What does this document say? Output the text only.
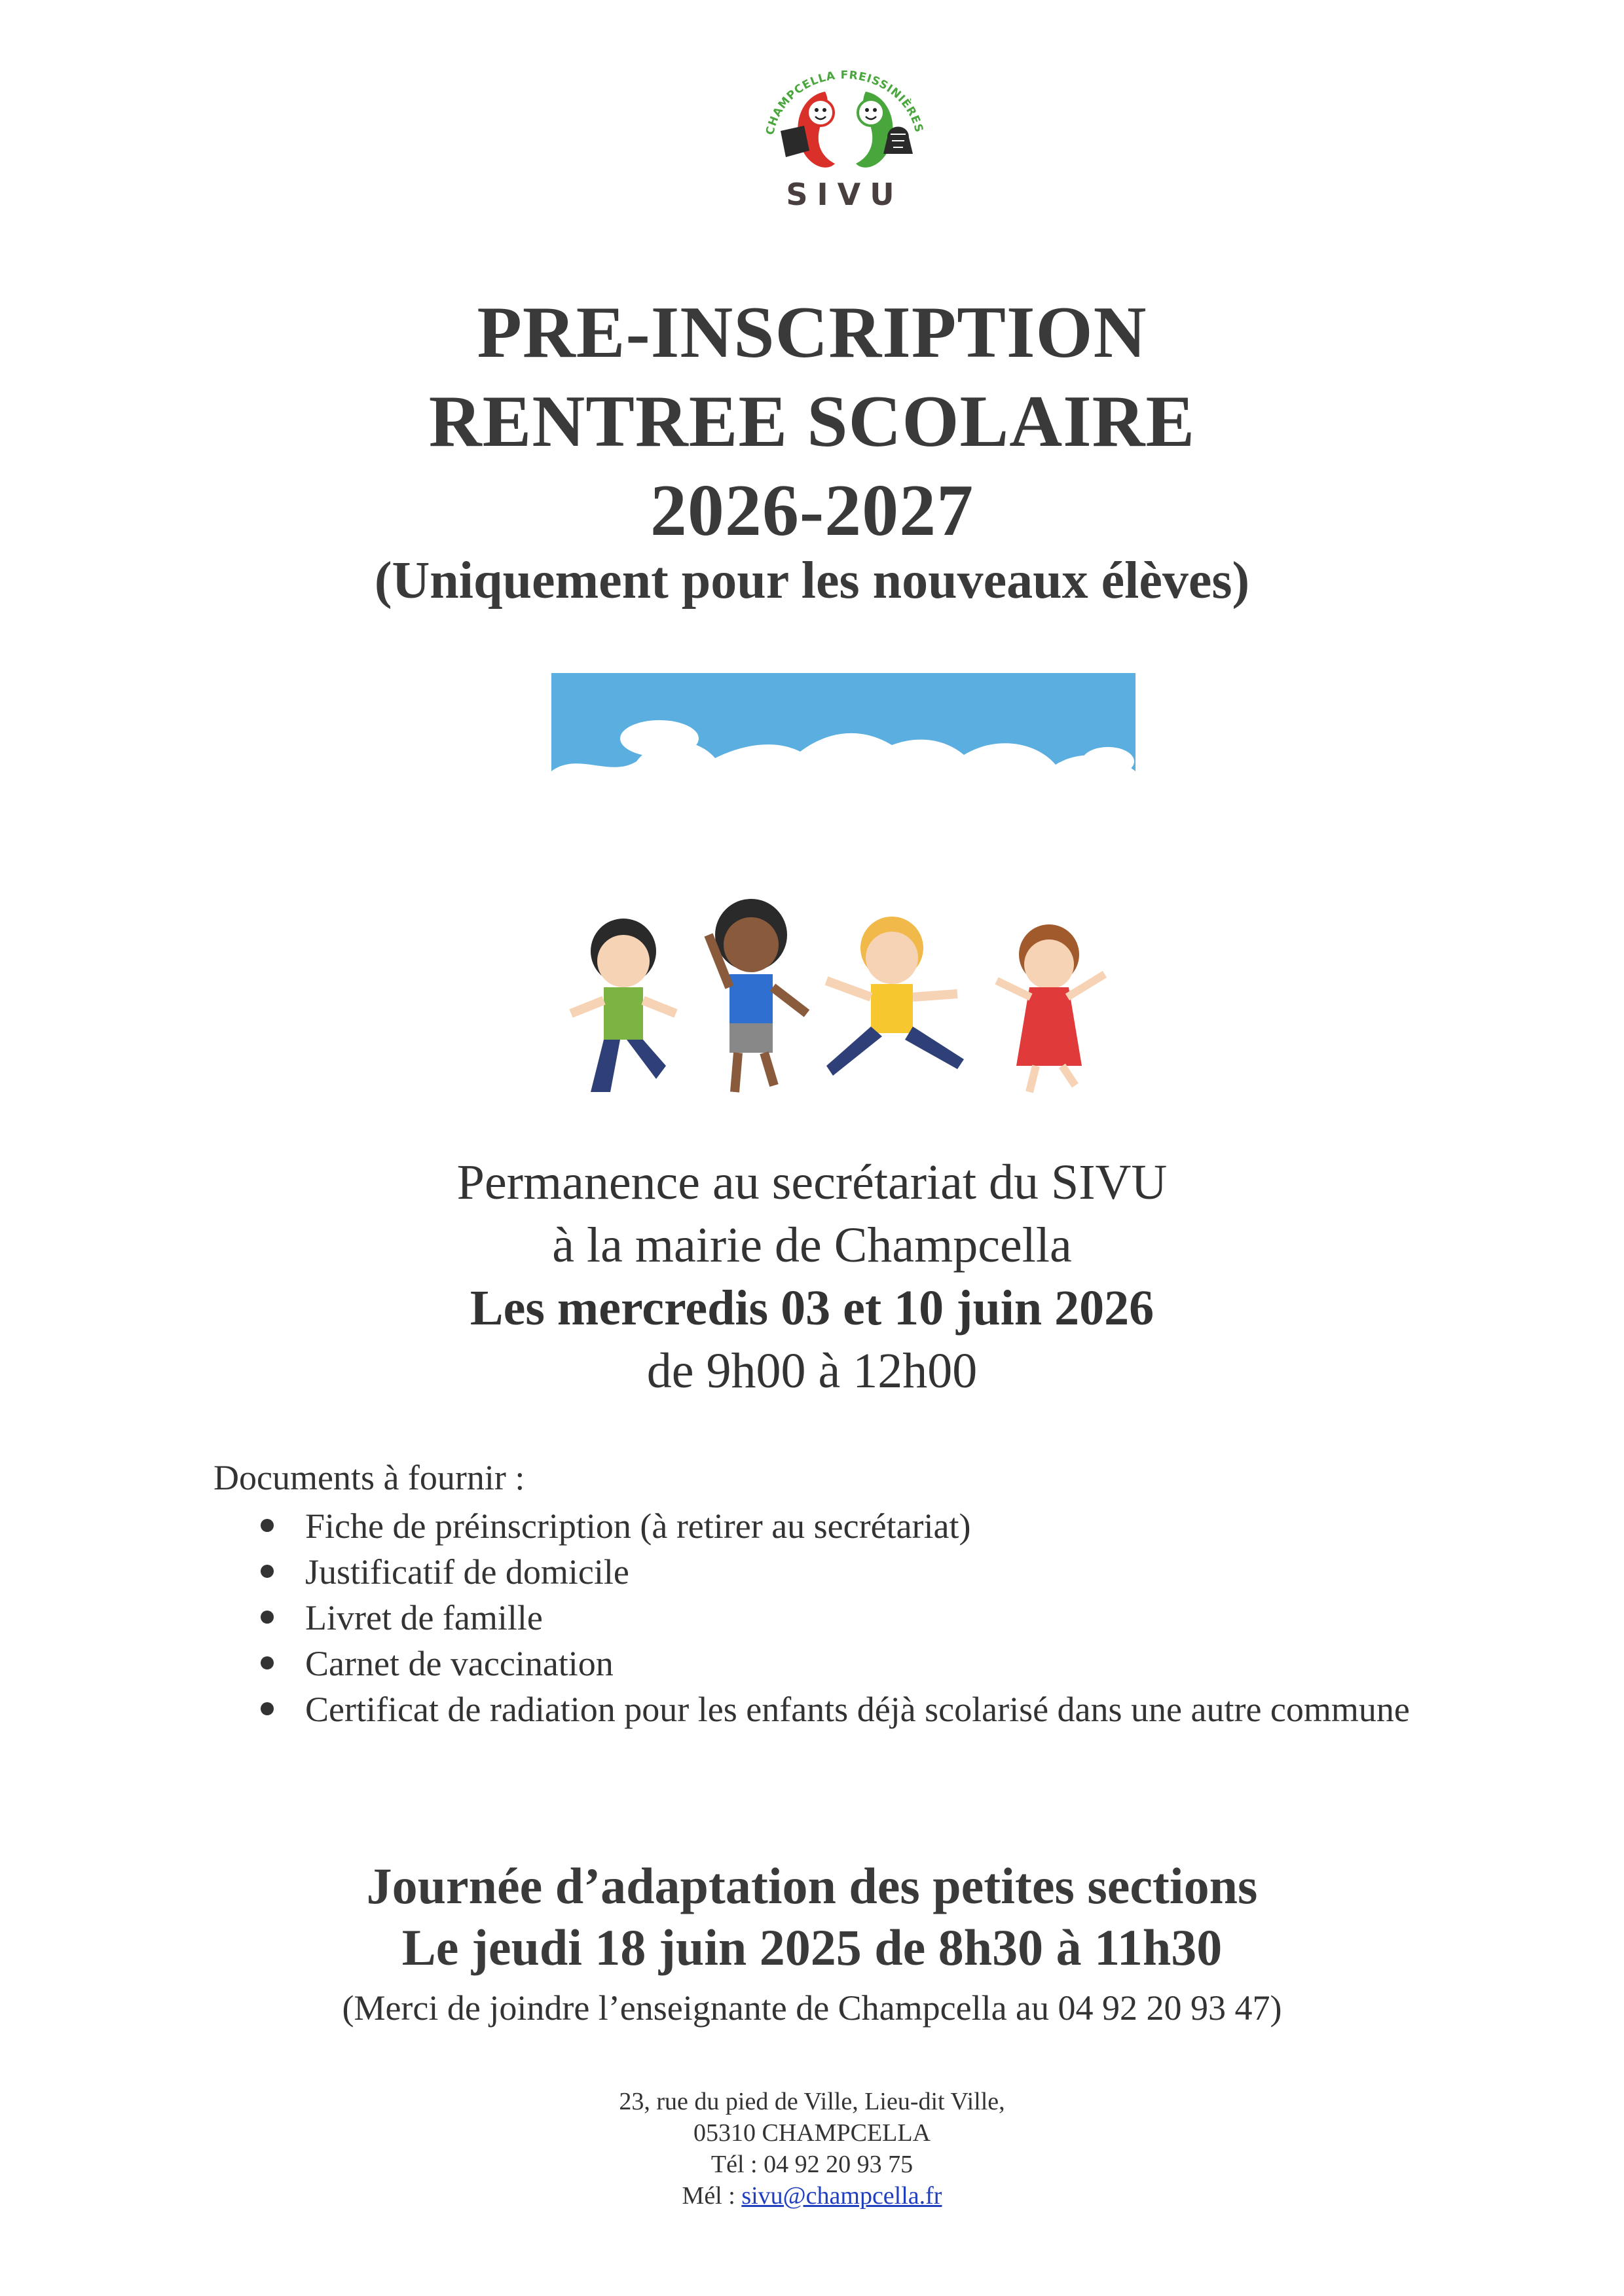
CHAMPCELLA FREISSINIÈRES
SIVU
PRE-INSCRIPTION
RENTREE SCOLAIRE
2026-2027
(Uniquement pour les nouveaux élèves)
Permanence au secrétariat du SIVU
à la mairie de Champcella
Les mercredis 03 et 10 juin 2026
de 9h00 à 12h00
Documents à fournir :
Fiche de préinscription (à retirer au secrétariat)
Justificatif de domicile
Livret de famille
Carnet de vaccination
Certificat de radiation pour les enfants déjà scolarisé dans une autre commune
Journée d’adaptation des petites sections
Le jeudi 18 juin 2025 de 8h30 à 11h30
(Merci de joindre l’enseignante de Champcella au 04 92 20 93 47)
23, rue du pied de Ville, Lieu-dit Ville,
05310 CHAMPCELLA
Tél : 04 92 20 93 75
Mél : sivu@champcella.fr
